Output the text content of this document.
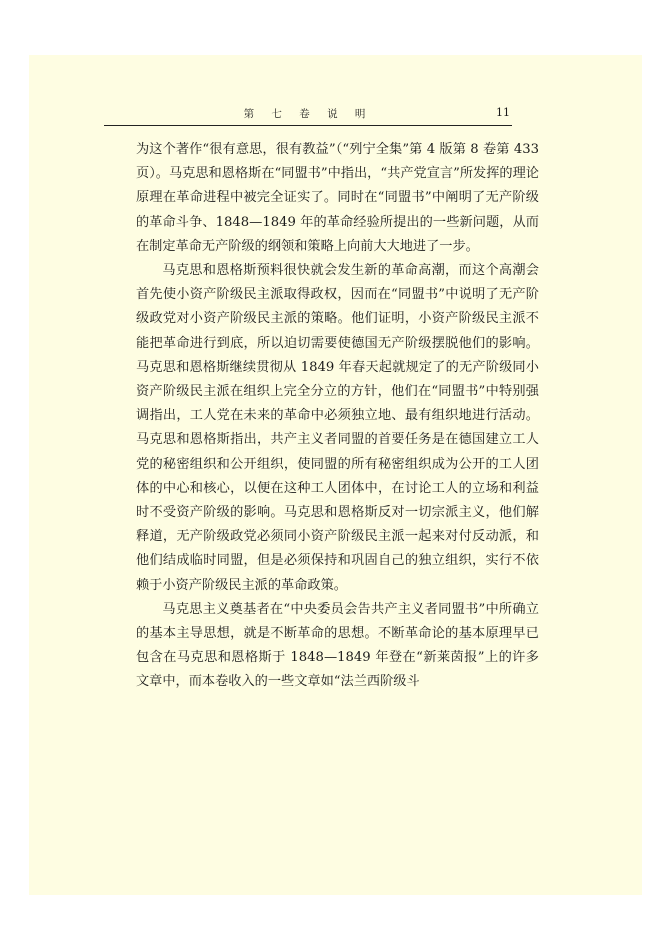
第 七 卷 说 明	11

为这个著作“很有意思，很有教益”（“列宁全集”第 4 版第 8 卷第 433 页）。马克思和恩格斯在“同盟书”中指出，“共产党宣言”所发挥的理论原理在革命进程中被完全证实了。同时在“同盟书”中阐明了无产阶级的革命斗争、1848—1849 年的革命经验所提出的一些新问题，从而在制定革命无产阶级的纲领和策略上向前大大地进了一步。

马克思和恩格斯预料很快就会发生新的革命高潮，而这个高潮会首先使小资产阶级民主派取得政权，因而在“同盟书”中说明了无产阶级政党对小资产阶级民主派的策略。他们证明，小资产阶级民主派不能把革命进行到底，所以迫切需要使德国无产阶级摆脱他们的影响。马克思和恩格斯继续贯彻从 1849 年春天起就规定了的无产阶级同小资产阶级民主派在组织上完全分立的方针，他们在“同盟书”中特别强调指出，工人党在未来的革命中必须独立地、最有组织地进行活动。马克思和恩格斯指出，共产主义者同盟的首要任务是在德国建立工人党的秘密组织和公开组织，使同盟的所有秘密组织成为公开的工人团体的中心和核心，以便在这种工人团体中，在讨论工人的立场和利益时不受资产阶级的影响。马克思和恩格斯反对一切宗派主义，他们解释道，无产阶级政党必须同小资产阶级民主派一起来对付反动派，和他们结成临时同盟，但是必须保持和巩固自己的独立组织，实行不依赖于小资产阶级民主派的革命政策。

马克思主义奠基者在“中央委员会告共产主义者同盟书”中所确立的基本主导思想，就是不断革命的思想。不断革命论的基本原理早已包含在马克思和恩格斯于 1848—1849 年登在“新莱茵报”上的许多文章中，而本卷收入的一些文章如“法兰西阶级斗
